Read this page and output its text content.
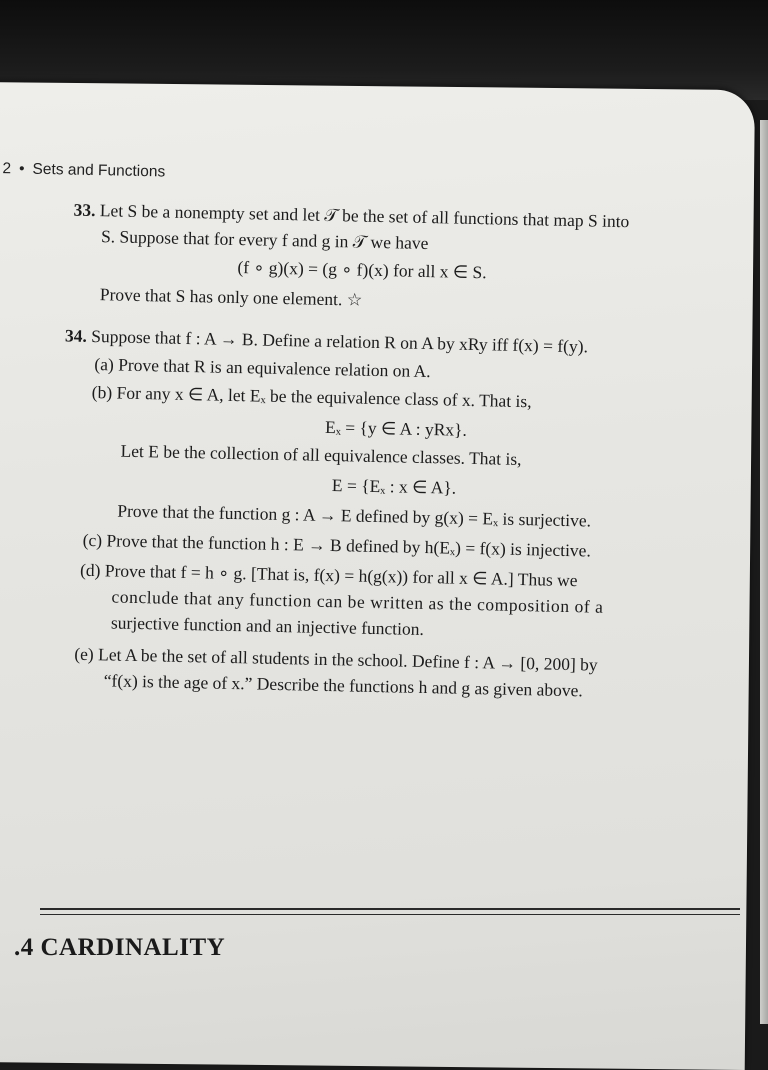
2 • Sets and Functions
33. Let S be a nonempty set and let 𝒯 be the set of all functions that map S into
S. Suppose that for every f and g in 𝒯 we have
(f ∘ g)(x) = (g ∘ f)(x) for all x ∈ S.
Prove that S has only one element. ☆
34. Suppose that f : A → B. Define a relation R on A by xRy iff f(x) = f(y).
(a) Prove that R is an equivalence relation on A.
(b) For any x ∈ A, let Eₓ be the equivalence class of x. That is,
Eₓ = {y ∈ A : yRx}.
Let E be the collection of all equivalence classes. That is,
E = {Eₓ : x ∈ A}.
Prove that the function g : A → E defined by g(x) = Eₓ is surjective.
(c) Prove that the function h : E → B defined by h(Eₓ) = f(x) is injective.
(d) Prove that f = h ∘ g. [That is, f(x) = h(g(x)) for all x ∈ A.] Thus we
conclude that any function can be written as the composition of a
surjective function and an injective function.
(e) Let A be the set of all students in the school. Define f : A → [0, 200] by
“f(x) is the age of x.” Describe the functions h and g as given above.
.4 CARDINALITY
